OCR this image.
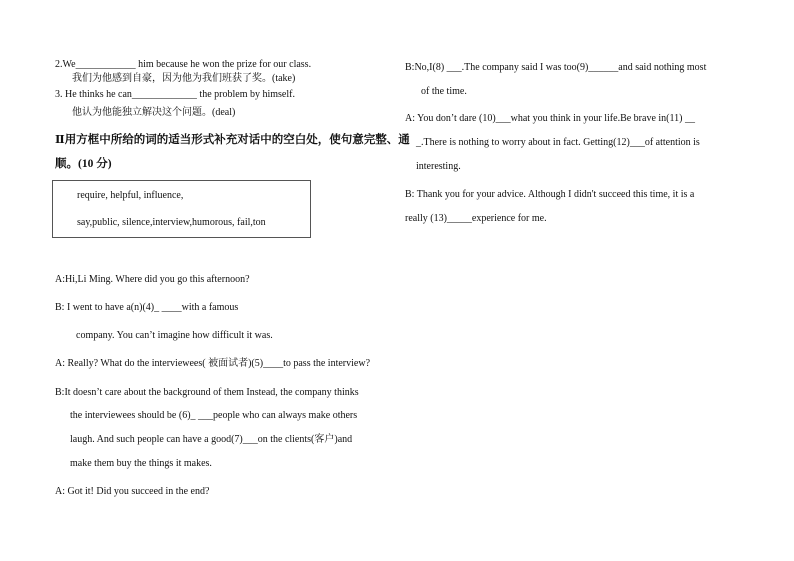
2.We____________ him because he won the prize for our class.
我们为他感到自豪，因为他为我们班获了奖。(take)
3. He thinks he can_____________ the problem by himself.
他认为他能独立解决这个问题。(deal)
Ⅱ用方框中所给的词的适当形式补充对话中的空白处，使句意完整、通
顺。(10 分)
require, helpful, influence,
say,public, silence,interview,humorous, fail,ton
A:Hi,Li Ming. Where did you go this afternoon?
B: I went to have a(n)(4)_ ____with a famous
company. You can’t imagine how difficult it was.
A: Really? What do the interviewees( 被面试者)(5)____to pass the interview?
B:It doesn’t care about the background of them Instead, the company thinks
the interviewees should be (6)_ ___people who can always make others
laugh. And such people can have a good(7)___on the clients(客户)and
make them buy the things it makes.
A: Got it! Did you succeed in the end?
B:No,I(8) ___.The company said I was too(9)______and said nothing most
of the time.
A: You don’t dare (10)___what you think in your life.Be brave in(11) __
_.There is nothing to worry about in fact. Getting(12)___of attention is
interesting.
B: Thank you for your advice. Although I didn't succeed this time, it is a
really (13)_____experience for me.
